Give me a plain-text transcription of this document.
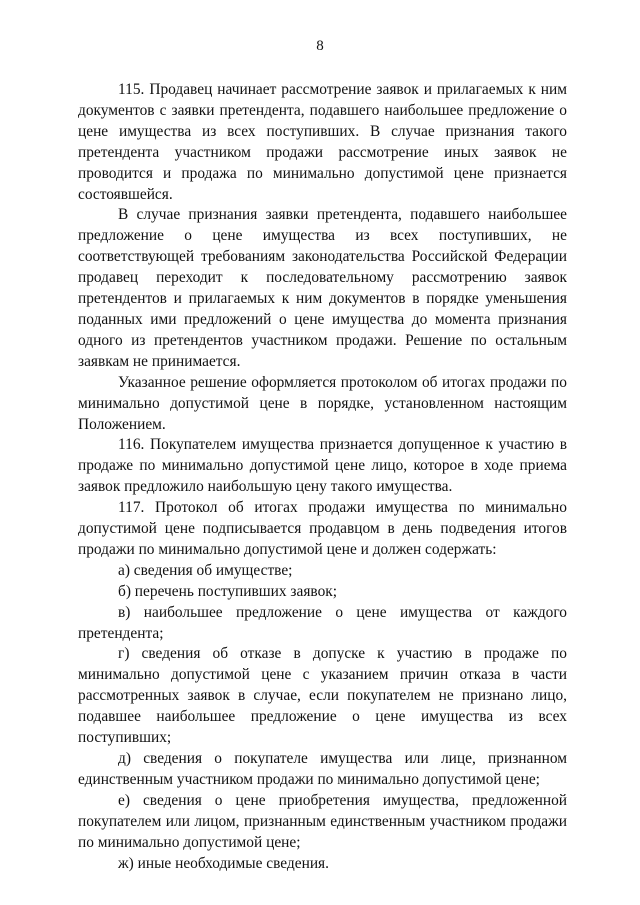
8

115. Продавец начинает рассмотрение заявок и прилагаемых к ним документов с заявки претендента, подавшего наибольшее предложение о цене имущества из всех поступивших. В случае признания такого претендента участником продажи рассмотрение иных заявок не проводится и продажа по минимально допустимой цене признается состоявшейся.

В случае признания заявки претендента, подавшего наибольшее предложение о цене имущества из всех поступивших, не соответствующей требованиям законодательства Российской Федерации продавец переходит к последовательному рассмотрению заявок претендентов и прилагаемых к ним документов в порядке уменьшения поданных ими предложений о цене имущества до момента признания одного из претендентов участником продажи. Решение по остальным заявкам не принимается.

Указанное решение оформляется протоколом об итогах продажи по минимально допустимой цене в порядке, установленном настоящим Положением.

116. Покупателем имущества признается допущенное к участию в продаже по минимально допустимой цене лицо, которое в ходе приема заявок предложило наибольшую цену такого имущества.

117. Протокол об итогах продажи имущества по минимально допустимой цене подписывается продавцом в день подведения итогов продажи по минимально допустимой цене и должен содержать:

а) сведения об имуществе;

б) перечень поступивших заявок;

в) наибольшее предложение о цене имущества от каждого претендента;

г) сведения об отказе в допуске к участию в продаже по минимально допустимой цене с указанием причин отказа в части рассмотренных заявок в случае, если покупателем не признано лицо, подавшее наибольшее предложение о цене имущества из всех поступивших;

д) сведения о покупателе имущества или лице, признанном единственным участником продажи по минимально допустимой цене;

е) сведения о цене приобретения имущества, предложенной покупателем или лицом, признанным единственным участником продажи по минимально допустимой цене;

ж) иные необходимые сведения.
